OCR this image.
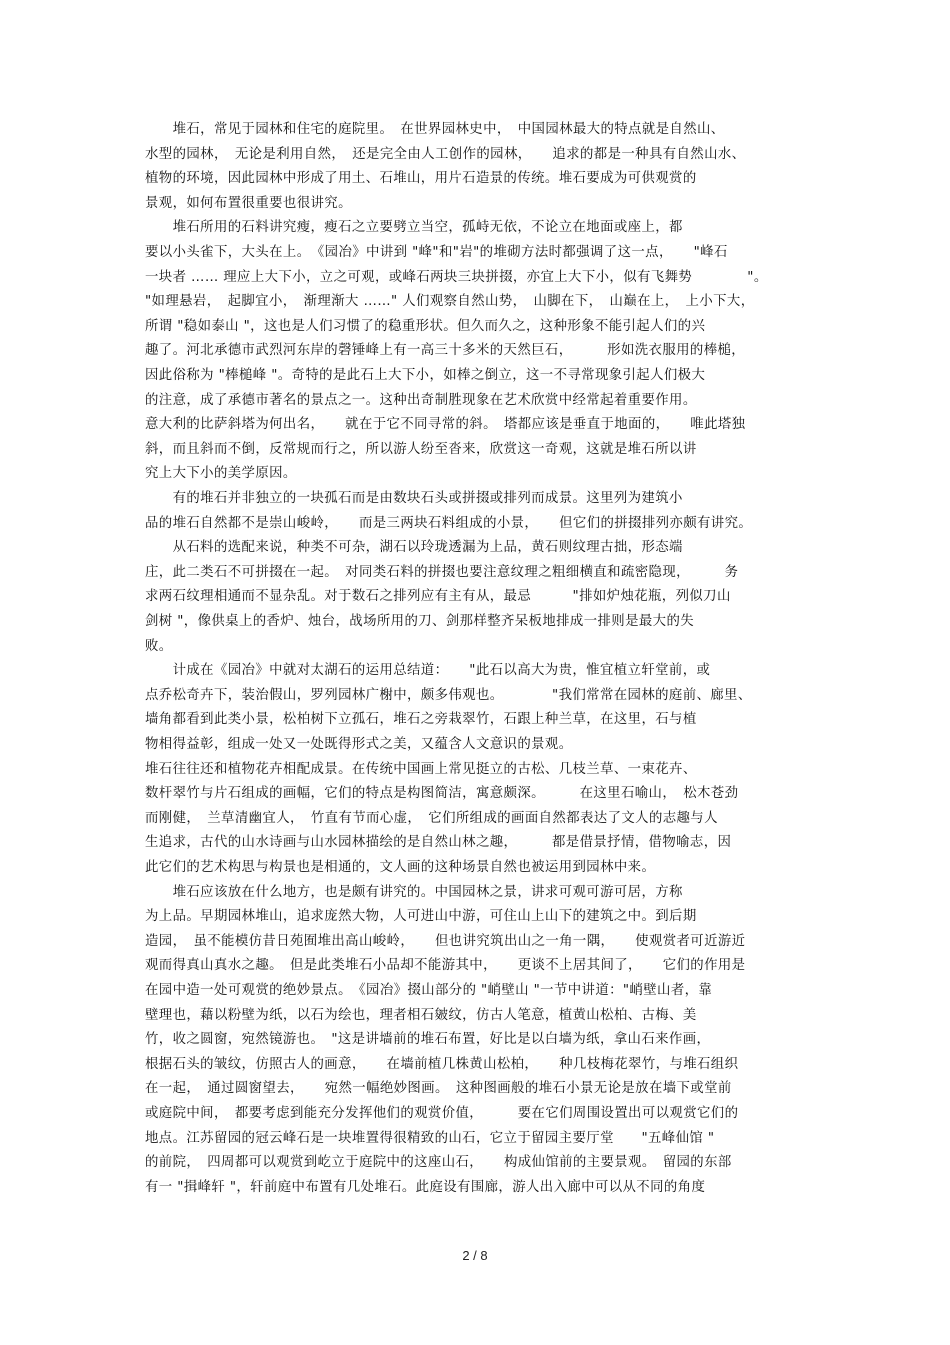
　　堆石，常见于园林和住宅的庭院里。　在世界园林史中，　中国园林最大的特点就是自然山、
水型的园林，　无论是利用自然，　还是完全由人工创作的园林，　　追求的都是一种具有自然山水、
植物的环境，因此园林中形成了用土、石堆山，用片石造景的传统。堆石要成为可供观赏的
景观，如何布置很重要也很讲究。
　　堆石所用的石料讲究瘦，瘦石之立要劈立当空，孤峙无依，不论立在地面或座上，都
要以小头雀下，大头在上。　《园冶》中讲到 "峰"和"岩"的堆砌方法时都强调了这一点，　　"峰石
一块者 …… 理应上大下小，立之可观，或峰石两块三块拼掇，亦宜上大下小，似有飞舞势　　　　"。
"如理悬岩，　起脚宜小，　渐理渐大 ……" 人们观察自然山势，　山脚在下，　山巅在上，　上小下大，
所谓 "稳如泰山 "，这也是人们习惯了的稳重形状。但久而久之，这种形象不能引起人们的兴
趣了。河北承德市武烈河东岸的磬锤峰上有一高三十多米的天然巨石，　　　形如洗衣服用的棒槌，
因此俗称为 "棒槌峰 "。奇特的是此石上大下小，如棒之倒立，这一不寻常现象引起人们极大
的注意，成了承德市著名的景点之一。这种出奇制胜现象在艺术欣赏中经常起着重要作用。
意大利的比萨斜塔为何出名，　　就在于它不同寻常的斜。　塔都应该是垂直于地面的，　　唯此塔独
斜，而且斜而不倒，反常规而行之，所以游人纷至沓来，欣赏这一奇观，这就是堆石所以讲
究上大下小的美学原因。
　　有的堆石并非独立的一块孤石而是由数块石头或拼掇或排列而成景。这里列为建筑小
品的堆石自然都不是崇山峻岭，　　而是三两块石料组成的小景，　　但它们的拼掇排列亦颇有讲究。
　　从石料的选配来说，种类不可杂，湖石以玲珑透漏为上品，黄石则纹理古拙，形态端
庄，此二类石不可拼掇在一起。　对同类石料的拼掇也要注意纹理之粗细横直和疏密隐现，　　　务
求两石纹理相通而不显杂乱。对于数石之排列应有主有从，最忌　　　"排如炉烛花瓶，列似刀山
剑树 "，像供桌上的香炉、烛台，战场所用的刀、剑那样整齐呆板地排成一排则是最大的失
败。
　　计成在《园冶》中就对太湖石的运用总结道：　　"此石以高大为贵，惟宜植立轩堂前，或
点乔松奇卉下，装治假山，罗列园林广榭中，颇多伟观也。　　　　"我们常常在园林的庭前、廊里、
墙角都看到此类小景，松柏树下立孤石，堆石之旁栽翠竹，石跟上种兰草，在这里，石与植
物相得益彰，组成一处又一处既得形式之美，又蕴含人文意识的景观。
堆石往往还和植物花卉相配成景。在传统中国画上常见挺立的古松、几枝兰草、一束花卉、
数杆翠竹与片石组成的画幅，它们的特点是构图简洁，寓意颇深。　　　在这里石喻山，　松木苍劲
而刚健，　兰草清幽宜人，　竹直有节而心虚，　它们所组成的画面自然都表达了文人的志趣与人
生追求，古代的山水诗画与山水园林描绘的是自然山林之趣，　　　都是借景抒情，借物喻志，因
此它们的艺术构思与构景也是相通的，文人画的这种场景自然也被运用到园林中来。
　　堆石应该放在什么地方，也是颇有讲究的。中国园林之景，讲求可观可游可居，方称
为上品。早期园林堆山，追求庞然大物，人可进山中游，可住山上山下的建筑之中。到后期
造园，　虽不能模仿昔日苑囿堆出高山峻岭，　　但也讲究筑出山之一角一隅，　　使观赏者可近游近
观而得真山真水之趣。　但是此类堆石小品却不能游其中，　　更谈不上居其间了，　　它们的作用是
在园中造一处可观赏的绝妙景点。　《园冶》掇山部分的 "峭壁山 "一节中讲道："峭壁山者，靠
壁理也，藉以粉壁为纸，以石为绘也，理者相石皴纹，仿古人笔意，植黄山松柏、古梅、美
竹，收之圆窗，宛然镜游也。　"这是讲墙前的堆石布置，好比是以白墙为纸，拿山石来作画，
根据石头的皱纹，仿照古人的画意，　　在墙前植几株黄山松柏，　　种几枝梅花翠竹，与堆石组织
在一起，　通过圆窗望去，　　宛然一幅绝妙图画。　这种图画般的堆石小景无论是放在墙下或堂前
或庭院中间，　都要考虑到能充分发挥他们的观赏价值，　　　要在它们周围设置出可以观赏它们的
地点。江苏留园的冠云峰石是一块堆置得很精致的山石，它立于留园主要厅堂　　"五峰仙馆 "
的前院，　四周都可以观赏到屹立于庭院中的这座山石，　　构成仙馆前的主要景观。　留园的东部
有一 "揖峰轩 "，轩前庭中布置有几处堆石。此庭设有围廊，游人出入廊中可以从不同的角度
2 / 8
